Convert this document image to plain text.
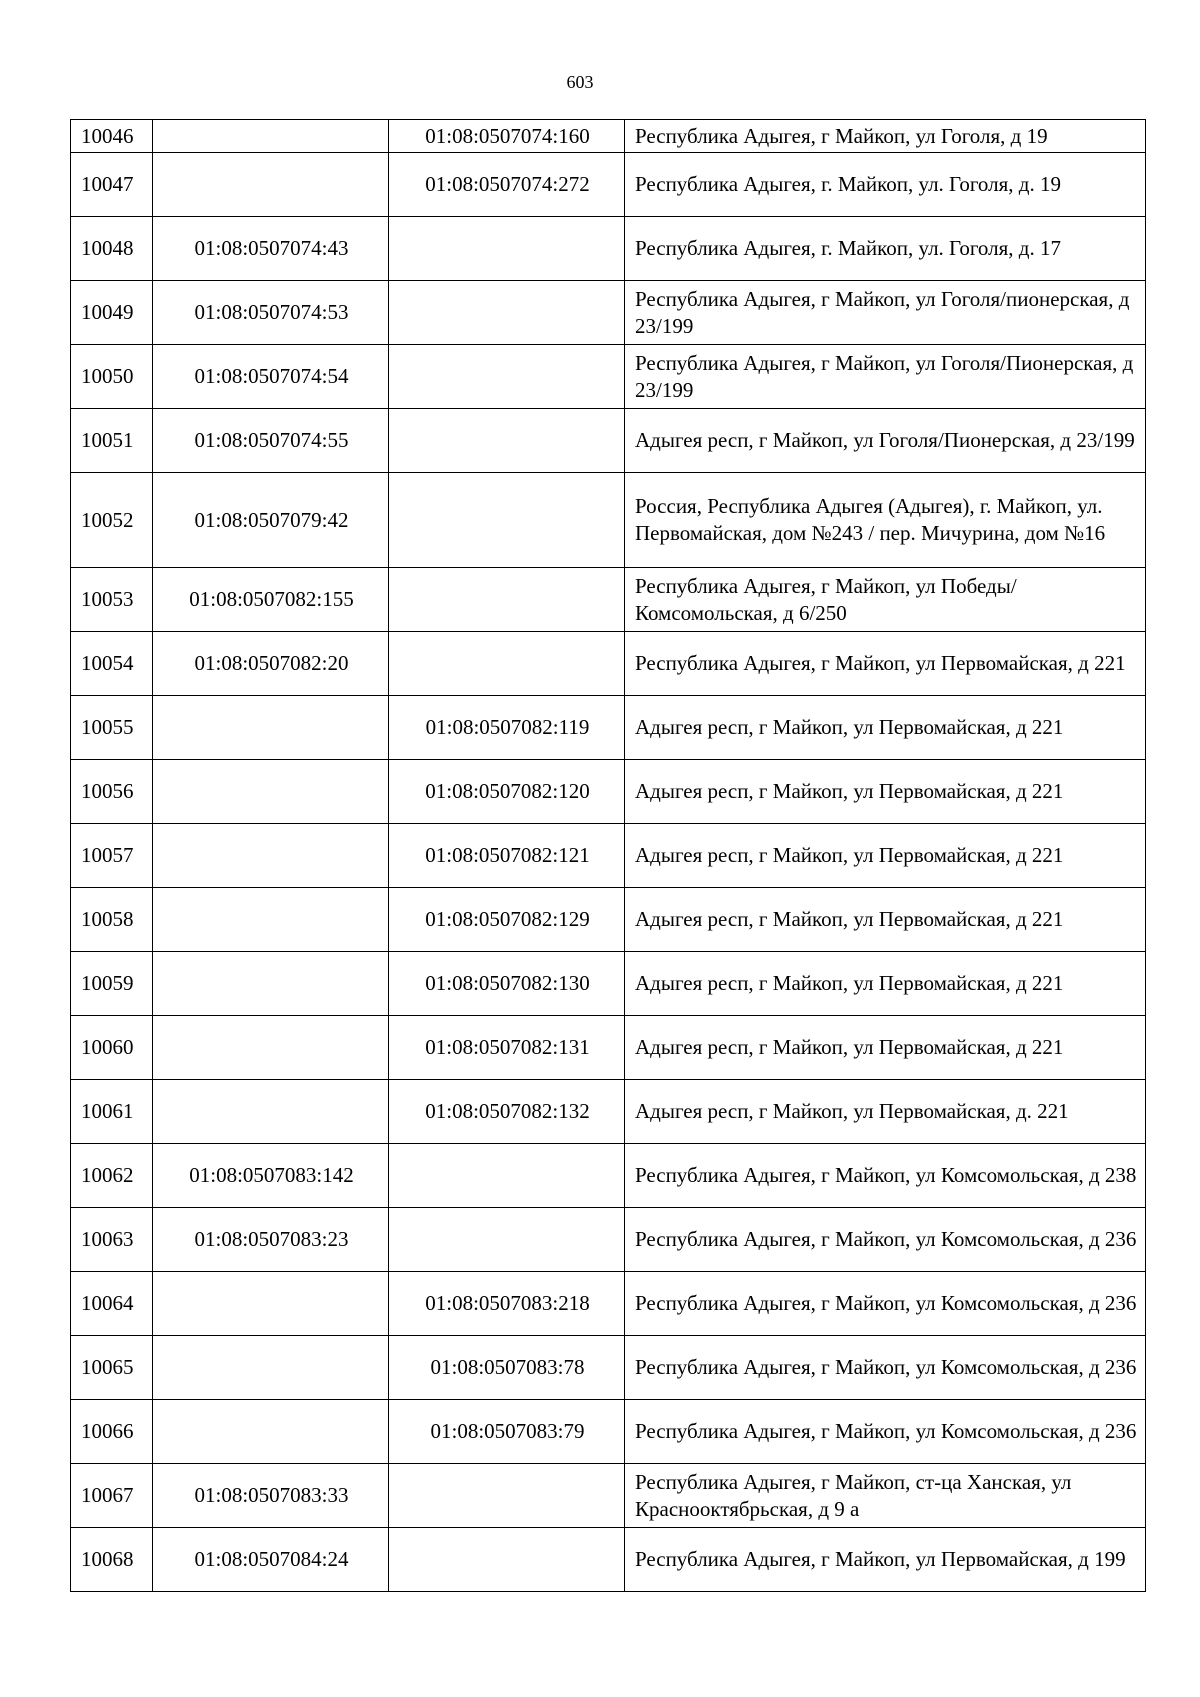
603
10046		01:08:0507074:160	Республика Адыгея, г Майкоп, ул Гоголя, д 19
10047		01:08:0507074:272	Республика Адыгея, г. Майкоп, ул. Гоголя, д. 19
10048	01:08:0507074:43		Республика Адыгея, г. Майкоп, ул. Гоголя, д. 17
10049	01:08:0507074:53		Республика Адыгея, г Майкоп, ул Гоголя/пионерская, д 23/199
10050	01:08:0507074:54		Республика Адыгея, г Майкоп, ул Гоголя/Пионерская, д 23/199
10051	01:08:0507074:55		Адыгея респ, г Майкоп, ул Гоголя/Пионерская, д 23/199
10052	01:08:0507079:42		Россия, Республика Адыгея (Адыгея), г. Майкоп, ул. Первомайская, дом №243 / пер. Мичурина, дом №16
10053	01:08:0507082:155		Республика Адыгея, г Майкоп, ул Победы/Комсомольская, д 6/250
10054	01:08:0507082:20		Республика Адыгея, г Майкоп, ул Первомайская, д 221
10055		01:08:0507082:119	Адыгея респ, г Майкоп, ул Первомайская, д 221
10056		01:08:0507082:120	Адыгея респ, г Майкоп, ул Первомайская, д 221
10057		01:08:0507082:121	Адыгея респ, г Майкоп, ул Первомайская, д 221
10058		01:08:0507082:129	Адыгея респ, г Майкоп, ул Первомайская, д 221
10059		01:08:0507082:130	Адыгея респ, г Майкоп, ул Первомайская, д 221
10060		01:08:0507082:131	Адыгея респ, г Майкоп, ул Первомайская, д 221
10061		01:08:0507082:132	Адыгея респ, г Майкоп, ул Первомайская, д. 221
10062	01:08:0507083:142		Республика Адыгея, г Майкоп, ул Комсомольская, д 238
10063	01:08:0507083:23		Республика Адыгея, г Майкоп, ул Комсомольская, д 236
10064		01:08:0507083:218	Республика Адыгея, г Майкоп, ул Комсомольская, д 236
10065		01:08:0507083:78	Республика Адыгея, г Майкоп, ул Комсомольская, д 236
10066		01:08:0507083:79	Республика Адыгея, г Майкоп, ул Комсомольская, д 236
10067	01:08:0507083:33		Республика Адыгея, г Майкоп, ст-ца Ханская, ул Краснооктябрьская, д 9 а
10068	01:08:0507084:24		Республика Адыгея, г Майкоп, ул Первомайская, д 199
